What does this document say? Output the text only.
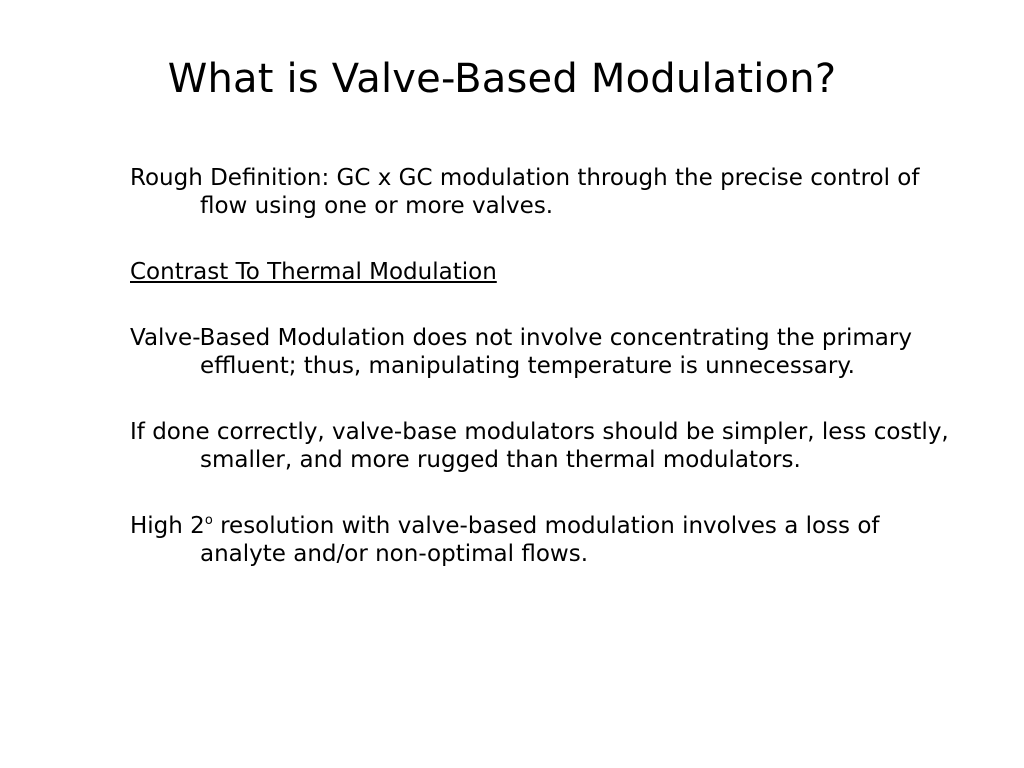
What is Valve-Based Modulation?

Rough Definition: GC x GC modulation through the precise control of flow using one or more valves.

Contrast To Thermal Modulation

Valve-Based Modulation does not involve concentrating the primary effluent; thus, manipulating temperature is unnecessary.

If done correctly, valve-base modulators should be simpler, less costly, smaller, and more rugged than thermal modulators.

High 2$^o$ resolution with valve-based modulation involves a loss of analyte and/or non-optimal flows.
